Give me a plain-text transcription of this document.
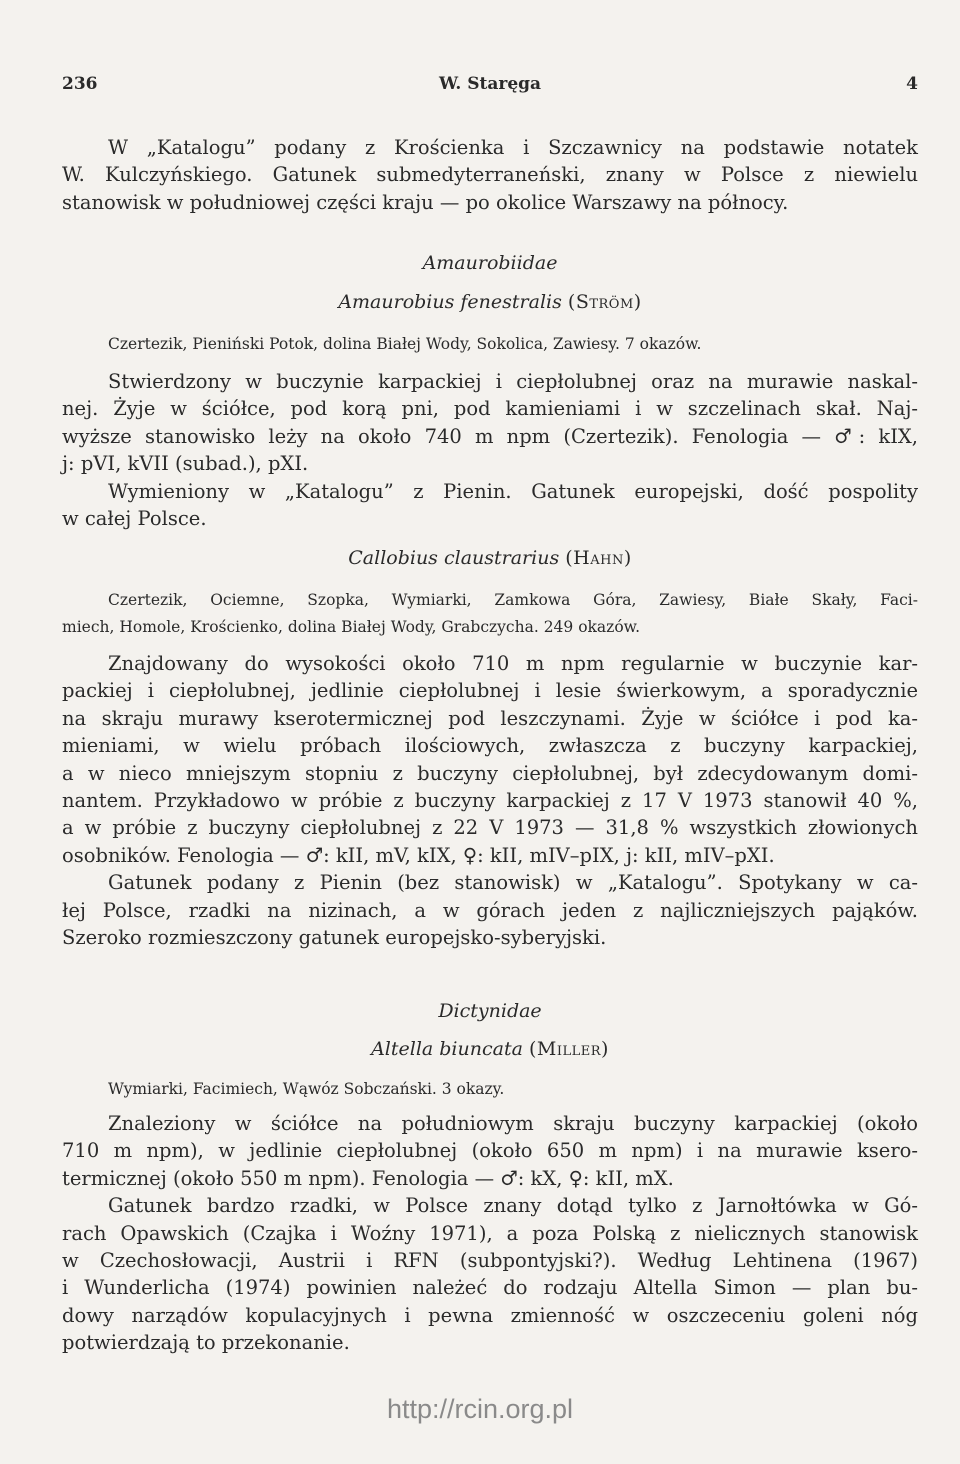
236	W. Staręga	4
W „Katalogu” podany z Krościenka i Szczawnicy na podstawie notatek
W. Kulczyńskiego. Gatunek submedyterraneński, znany w Polsce z niewielu
stanowisk w południowej części kraju — po okolice Warszawy na północy.
Amaurobiidae
Amaurobius fenestralis (Ström)
Czertezik, Pieniński Potok, dolina Białej Wody, Sokolica, Zawiesy. 7 okazów.
Stwierdzony w buczynie karpackiej i ciepłolubnej oraz na murawie naskal-
nej. Żyje w ściółce, pod korą pni, pod kamieniami i w szczelinach skał. Naj-
wyższe stanowisko leży na około 740 m npm (Czertezik). Fenologia — ♂: kIX,
j: pVI, kVII (subad.), pXI.
Wymieniony w „Katalogu” z Pienin. Gatunek europejski, dość pospolity
w całej Polsce.
Callobius claustrarius (Hahn)
Czertezik, Ociemne, Szopka, Wymiarki, Zamkowa Góra, Zawiesy, Białe Skały, Faci-
miech, Homole, Krościenko, dolina Białej Wody, Grabczycha. 249 okazów.
Znajdowany do wysokości około 710 m npm regularnie w buczynie kar-
packiej i ciepłolubnej, jedlinie ciepłolubnej i lesie świerkowym, a sporadycznie
na skraju murawy kserotermicznej pod leszczynami. Żyje w ściółce i pod ka-
mieniami, w wielu próbach ilościowych, zwłaszcza z buczyny karpackiej,
a w nieco mniejszym stopniu z buczyny ciepłolubnej, był zdecydowanym domi-
nantem. Przykładowo w próbie z buczyny karpackiej z 17 V 1973 stanowił 40 %,
a w próbie z buczyny ciepłolubnej z 22 V 1973 — 31,8 % wszystkich złowionych
osobników. Fenologia — ♂: kII, mV, kIX, ♀: kII, mIV–pIX, j: kII, mIV–pXI.
Gatunek podany z Pienin (bez stanowisk) w „Katalogu”. Spotykany w ca-
łej Polsce, rzadki na nizinach, a w górach jeden z najliczniejszych pająków.
Szeroko rozmieszczony gatunek europejsko-syberyjski.
Dictynidae
Altella biuncata (Miller)
Wymiarki, Facimiech, Wąwóz Sobczański. 3 okazy.
Znaleziony w ściółce na południowym skraju buczyny karpackiej (około
710 m npm), w jedlinie ciepłolubnej (około 650 m npm) i na murawie ksero-
termicznej (około 550 m npm). Fenologia — ♂: kX, ♀: kII, mX.
Gatunek bardzo rzadki, w Polsce znany dotąd tylko z Jarnołtówka w Gó-
rach Opawskich (Czajka i Woźny 1971), a poza Polską z nielicznych stanowisk
w Czechosłowacji, Austrii i RFN (subpontyjski?). Według Lehtinena (1967)
i Wunderlicha (1974) powinien należeć do rodzaju Altella Simon — plan bu-
dowy narządów kopulacyjnych i pewna zmienność w oszczeceniu goleni nóg
potwierdzają to przekonanie.
http://rcin.org.pl
